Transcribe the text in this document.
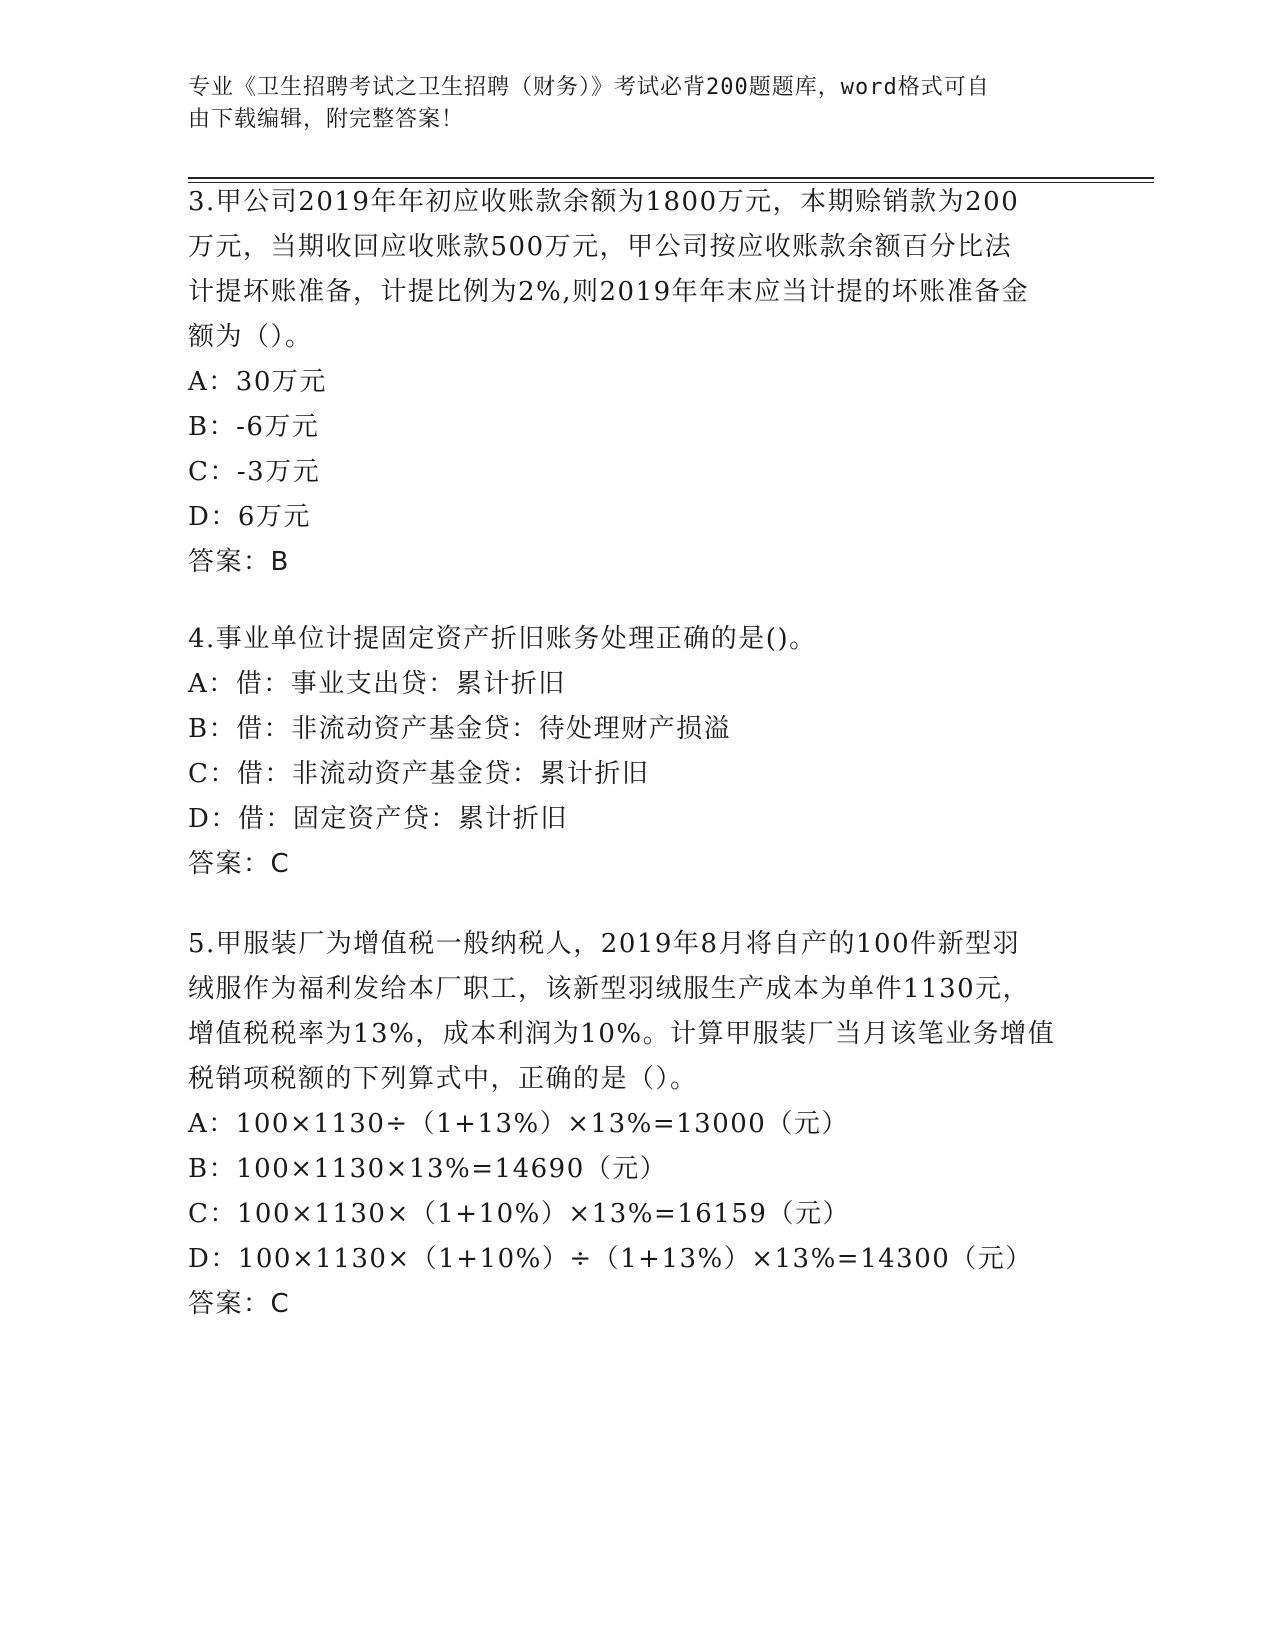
专业《卫生招聘考试之卫生招聘（财务）》考试必背200题题库，word格式可自
由下载编辑，附完整答案！
3.甲公司2019年年初应收账款余额为1800万元，本期赊销款为200
万元，当期收回应收账款500万元，甲公司按应收账款余额百分比法
计提坏账准备，计提比例为2%,则2019年年末应当计提的坏账准备金
额为（）。
A：30万元
B：-6万元
C：-3万元
D：6万元
答案：B
4.事业单位计提固定资产折旧账务处理正确的是()。
A：借：事业支出贷：累计折旧
B：借：非流动资产基金贷：待处理财产损溢
C：借：非流动资产基金贷：累计折旧
D：借：固定资产贷：累计折旧
答案：C
5.甲服装厂为增值税一般纳税人，2019年8月将自产的100件新型羽
绒服作为福利发给本厂职工，该新型羽绒服生产成本为单件1130元，
增值税税率为13%，成本利润为10%。计算甲服装厂当月该笔业务增值
税销项税额的下列算式中，正确的是（）。
A：100×1130÷（1+13%）×13%=13000（元）
B：100×1130×13%=14690（元）
C：100×1130×（1+10%）×13%=16159（元）
D：100×1130×（1+10%）÷（1+13%）×13%=14300（元）
答案：C
